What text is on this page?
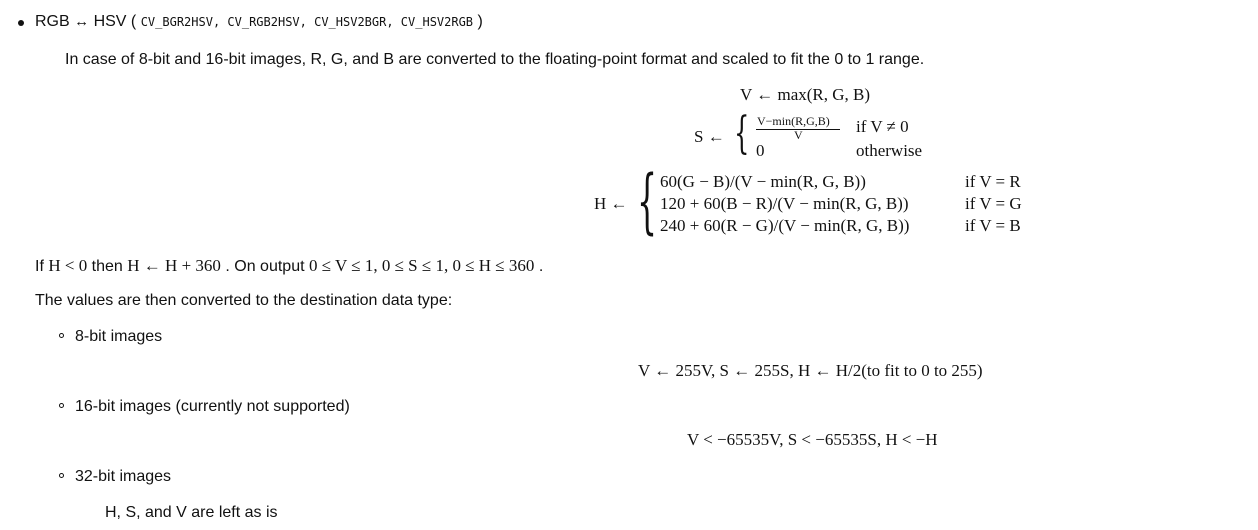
RGB ↔ HSV ( CV_BGR2HSV, CV_RGB2HSV, CV_HSV2BGR, CV_HSV2RGB )
In case of 8-bit and 16-bit images, R, G, and B are converted to the floating-point format and scaled to fit the 0 to 1 range.
V ← max(R, G, B)
S ← { V−min(R,G,B)
V	if V ≠ 0
0	otherwise
H ← { 60(G − B)/(V − min(R, G, B))	if V = R
120 + 60(B − R)/(V − min(R, G, B))	if V = G
240 + 60(R − G)/(V − min(R, G, B))	if V = B
If H < 0 then H ← H + 360 . On output 0 ≤ V ≤ 1, 0 ≤ S ≤ 1, 0 ≤ H ≤ 360 .
The values are then converted to the destination data type:
8-bit images
V ← 255V, S ← 255S, H ← H/2(to fit to 0 to 255)
16-bit images (currently not supported)
V < −65535V, S < −65535S, H < −H
32-bit images
H, S, and V are left as is
